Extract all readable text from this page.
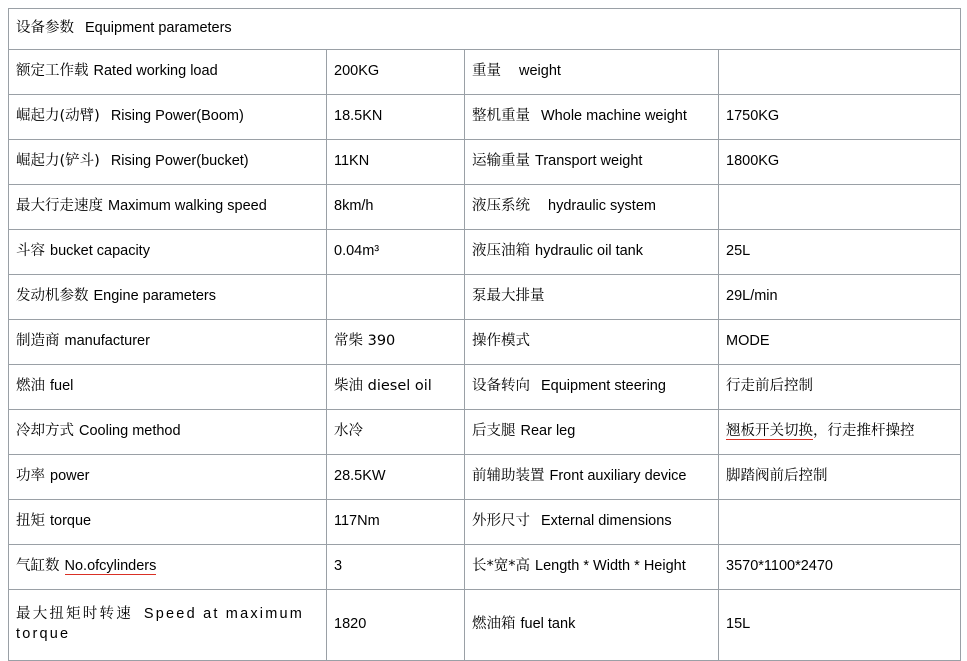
设备参数 Equipment parameters			
额定工作载 Rated working load	200KG	重量 weight	
崛起力(动臂) Rising Power(Boom)	18.5KN	整机重量 Whole machine weight	1750KG
崛起力(铲斗) Rising Power(bucket)	11KN	运输重量 Transport weight	1800KG
最大行走速度 Maximum walking speed	8km/h	液压系统 hydraulic system	
斗容 bucket capacity	0.04m³	液压油箱 hydraulic oil tank	25L
发动机参数 Engine parameters		泵最大排量	29L/min
制造商 manufacturer	常柴 390	操作模式	MODE
燃油 fuel	柴油 diesel oil	设备转向 Equipment steering	行走前后控制
冷却方式 Cooling method	水冷	后支腿 Rear leg	翘板开关切换，行走推杆操控
功率 power	28.5KW	前辅助装置 Front auxiliary device	脚踏阀前后控制
扭矩 torque	117Nm	外形尺寸 External dimensions	
气缸数 No.ofcylinders	3	长*宽*高 Length * Width * Height	3570*1100*2470
最大扭矩时转速 Speed at maximum torque	1820	燃油箱 fuel tank	15L
